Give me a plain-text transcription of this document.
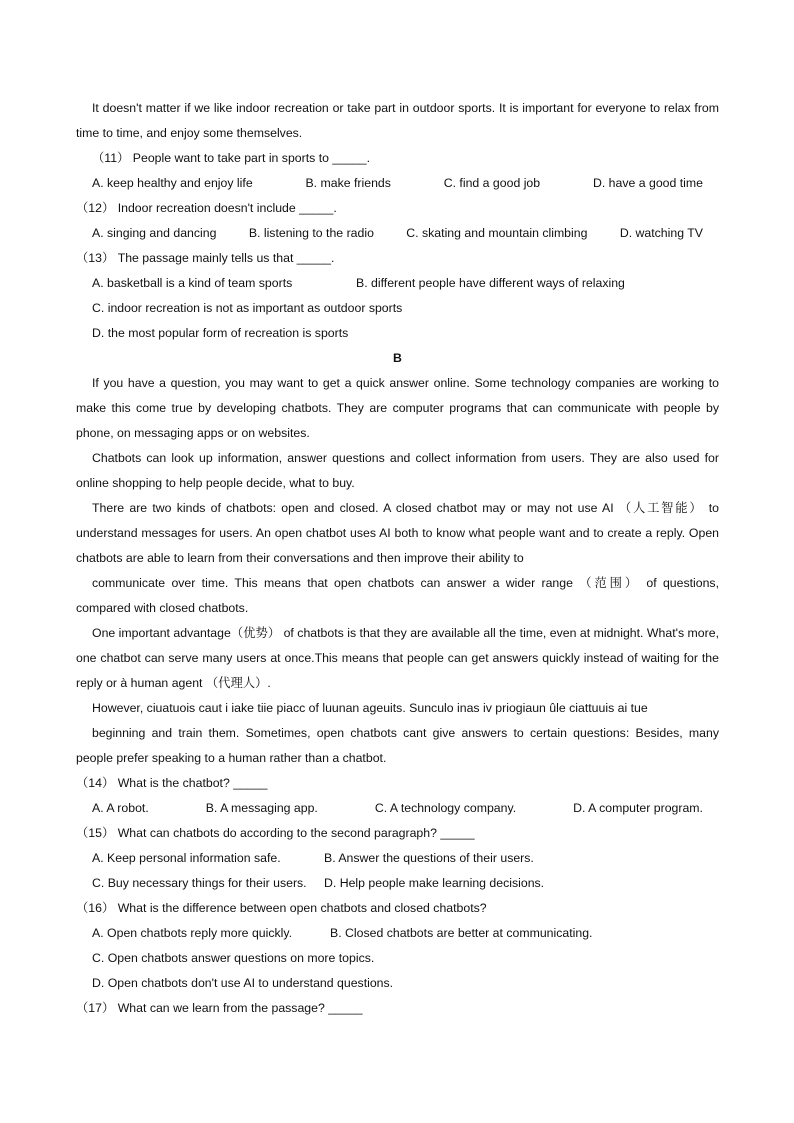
It doesn't matter if we like indoor recreation or take part in outdoor sports. It is important for everyone to relax from time to time, and enjoy some themselves.

（11） People want to take part in sports to _____.

A. keep healthy and enjoy life	B. make friends	C. find a good job	D. have a good time

（12） Indoor recreation doesn't include _____.

A. singing and dancing	B. listening to the radio	C. skating and mountain climbing	D. watching TV

（13） The passage mainly tells us that _____.

A. basketball is a kind of team sports	B. different people have different ways of relaxing

C. indoor recreation is not as important as outdoor sports

D. the most popular form of recreation is sports

B

If you have a question, you may want to get a quick answer online. Some technology companies are working to make this come true by developing chatbots. They are computer programs that can communicate with people by phone, on messaging apps or on websites.

Chatbots can look up information, answer questions and collect information from users. They are also used for online shopping to help people decide, what to buy.

There are two kinds of chatbots: open and closed. A closed chatbot may or may not use AI （人工智能） to understand messages for users. An open chatbot uses AI both to know what people want and to create a reply. Open chatbots are able to learn from their conversations and then improve their ability to

communicate over time. This means that open chatbots can answer a wider range （范围） of questions, compared with closed chatbots.

One important advantage（优势） of chatbots is that they are available all the time, even at midnight. What's more, one chatbot can serve many users at once.This means that people can get answers quickly instead of waiting for the reply or à human agent （代理人）.

However, ciuatuois caut i iake tiie piacc of luunan ageuits. Sunculo inas iv priogiaun ûle ciattuuis ai tue

beginning and train them. Sometimes, open chatbots cant give answers to certain questions: Besides, many people prefer speaking to a human rather than a chatbot.

（14） What is the chatbot? _____

A. A robot.	B. A messaging app.	C. A technology company.	D. A computer program.

（15） What can chatbots do according to the second paragraph? _____

A. Keep personal information safe.	B. Answer the questions of their users.

C. Buy necessary things for their users.	D. Help people make learning decisions.

（16） What is the difference between open chatbots and closed chatbots?

A. Open chatbots reply more quickly.	B. Closed chatbots are better at communicating.

C. Open chatbots answer questions on more topics.

D. Open chatbots don't use AI to understand questions.

（17） What can we learn from the passage? _____
